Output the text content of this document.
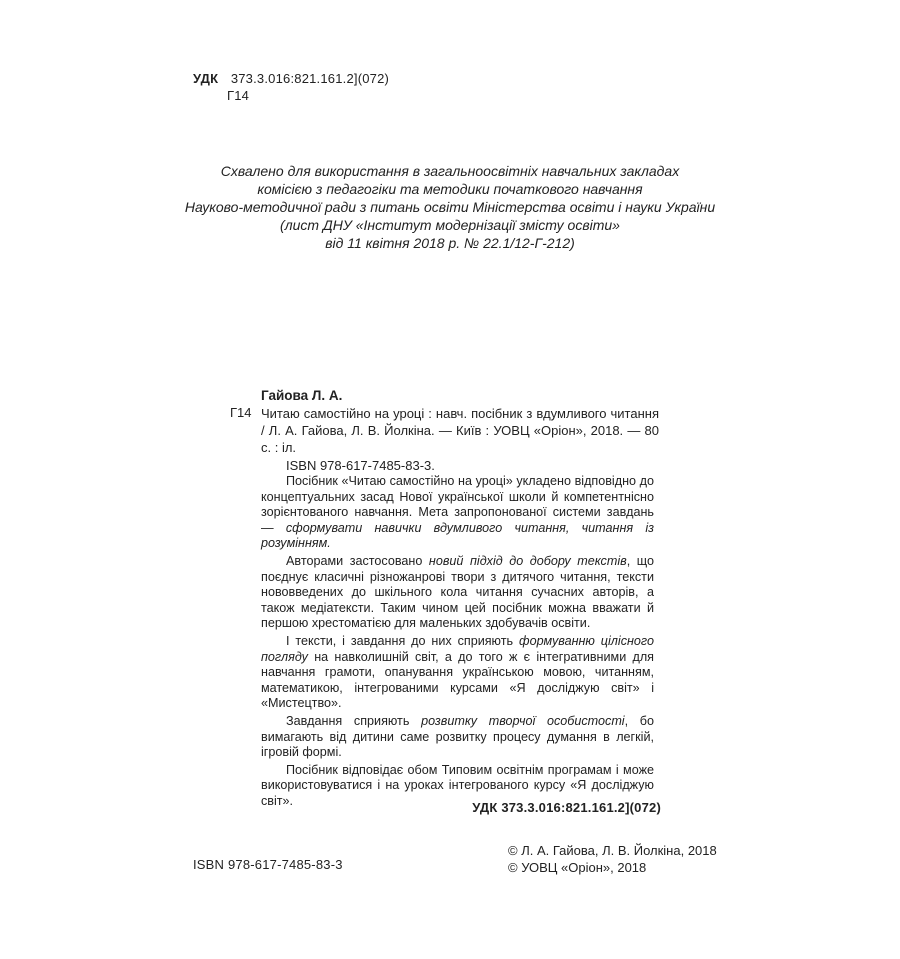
УДК 373.3.016:821.161.2](072)
Г14
Схвалено для використання в загальноосвітніх навчальних закладах
комісією з педагогіки та методики початкового навчання
Науково-методичної ради з питань освіти Міністерства освіти і науки України
(лист ДНУ «Інститут модернізації змісту освіти»
від 11 квітня 2018 р. № 22.1/12-Г-212)
Гайова Л. А.
Г14 Читаю самостійно на уроці : навч. посібник з вдумливого читання / Л. А. Гайова, Л. В. Йолкіна. — Київ : УОВЦ «Оріон», 2018. — 80 с. : іл.
ISBN 978-617-7485-83-3.

Посібник «Читаю самостійно на уроці» укладено відповідно до концептуальних засад Нової української школи й компетентнісно зорієнтованого навчання. Мета запропонованої системи завдань — сформувати навички вдумливого читання, читання із розумінням.

Авторами застосовано новий підхід до добору текстів, що поєднує класичні різножанрові твори з дитячого читання, тексти нововведених до шкільного кола читання сучасних авторів, а також медіатексти. Таким чином цей посібник можна вважати й першою хрестоматією для маленьких здобувачів освіти.

І тексти, і завдання до них сприяють формуванню цілісного погляду на навколишній світ, а до того ж є інтегративними для навчання грамоти, опанування українською мовою, читанням, математикою, інтегрованими курсами «Я досліджую світ» і «Мистецтво».

Завдання сприяють розвитку творчої особистості, бо вимагають від дитини саме розвитку процесу думання в легкій, ігровій формі.

Посібник відповідає обом Типовим освітнім програмам і може використовуватися і на уроках інтегрованого курсу «Я досліджую світ».	УДК 373.3.016:821.161.2](072)
ISBN 978-617-7485-83-3
© Л. А. Гайова, Л. В. Йолкіна, 2018
© УОВЦ «Оріон», 2018
